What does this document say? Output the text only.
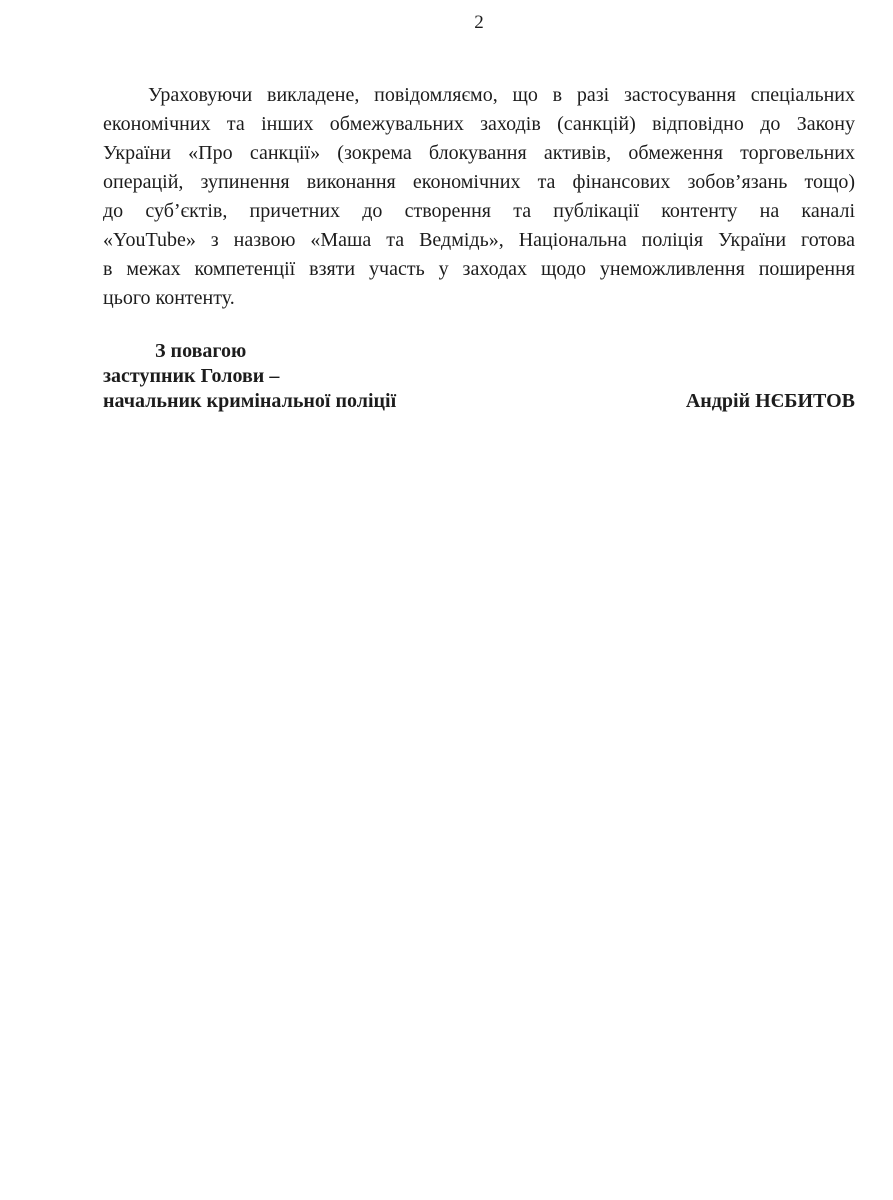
2
Ураховуючи викладене, повідомляємо, що в разі застосування спеціальних
економічних та інших обмежувальних заходів (санкцій) відповідно до Закону
України «Про санкції» (зокрема блокування активів, обмеження торговельних
операцій, зупинення виконання економічних та фінансових зобов’язань тощо)
до суб’єктів, причетних до створення та публікації контенту на каналі
«YouTube» з назвою «Маша та Ведмідь», Національна поліція України готова
в межах компетенції взяти участь у заходах щодо унеможливлення поширення
цього контенту.
З повагою
заступник Голови –
начальник кримінальної поліції	Андрій НЄБИТОВ
